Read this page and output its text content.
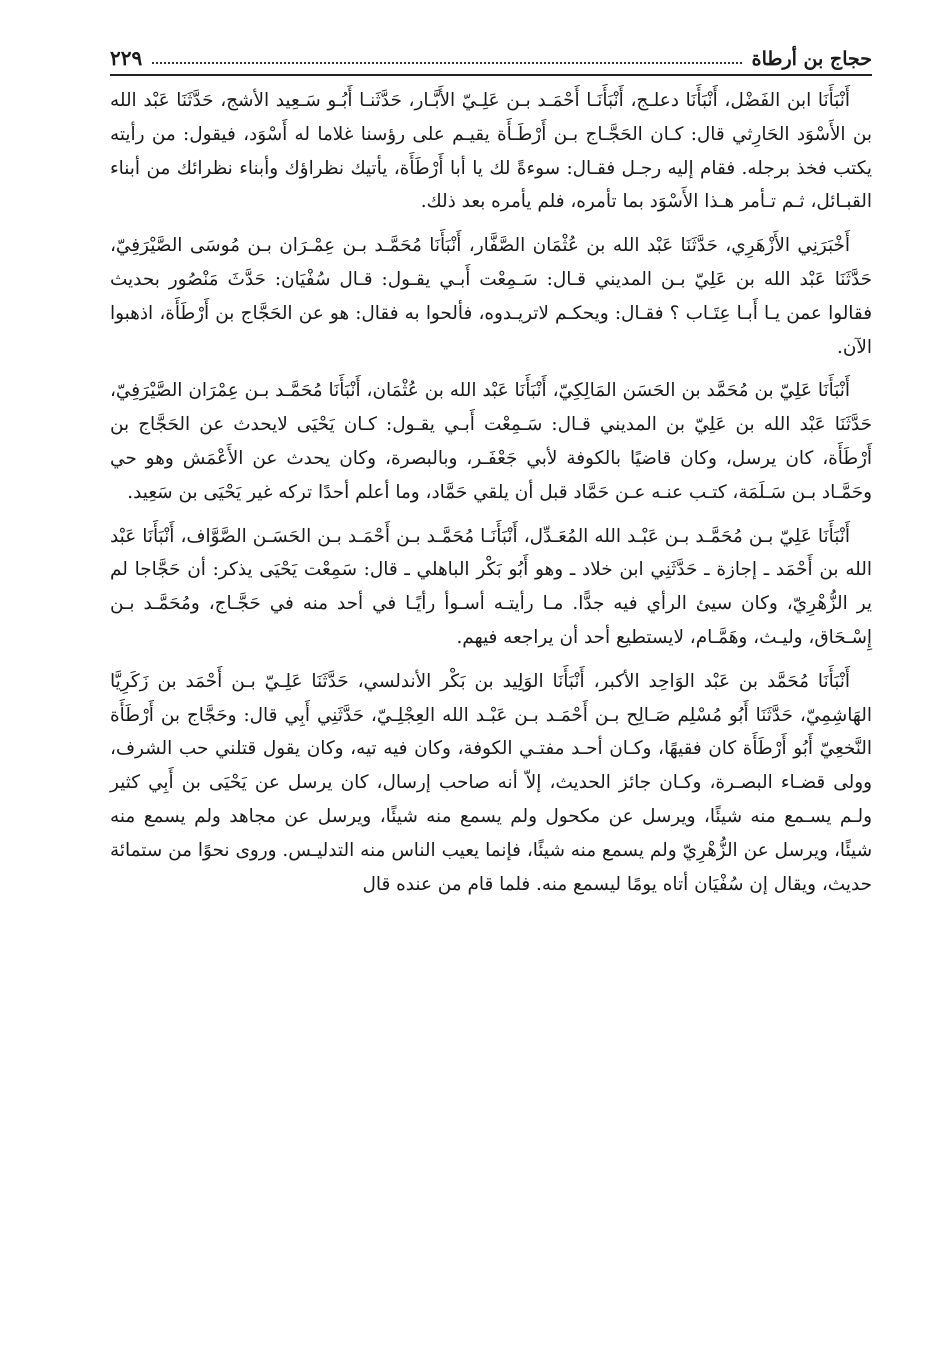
حجاج بن أرطاة
٢٢٩

أَنْبَأَنَا ابن الفَضْل، أَنْبَأَنَا دعلـج، أَنْبَأَنَـا أَحْمَـد بـن عَلِـيّ الأَبَّـار، حَدَّثَنـا أَبُـو سَـعِيد الأشج، حَدَّثَنَا عَبْد الله بن الأَسْوَد الحَارِثي قال: كـان الحَجَّـاج بـن أَرْطَـأَة يقيـم على رؤسنا غلاما له أَسْوَد، فيقول: من رأيته يكتب فخذ برجله. فقام إليه رجـل فقـال: سوءةً لك يا أبا أَرْطَأَة، يأتيك نظراؤك وأبناء نظرائك من أبناء القبـائل، ثـم تـأمر هـذا الأَسْوَد بما تأمره، فلم يأمره بعد ذلك.

أَخْبَرَنِي الأَزْهَرِي، حَدَّثَنَا عَبْد الله بن عُثْمَان الصَّفَّار، أَنْبَأَنَا مُحَمَّـد بـن عِمْـرَان بـن مُوسَى الصَّيْرَفِيّ، حَدَّثَنَا عَبْد الله بن عَلِيّ بـن المديني قـال: سَـمِعْت أَبـي يقـول: قـال سُفْيَان: حَدَّثَ مَنْصُور بحديث فقالوا عمن يـا أَبـا عِتَـاب ؟ فقـال: ويحكـم لاتريـدوه، فألحوا به فقال: هو عن الحَجَّاج بن أَرْطَأَة، اذهبوا الآن.

أَنْبَأَنَا عَلِيّ بن مُحَمَّد بن الحَسَن المَالِكِيّ، أَنْبَأَنَا عَبْد الله بن عُثْمَان، أَنْبَأَنَا مُحَمَّـد بـن عِمْرَان الصَّيْرَفِيّ، حَدَّثَنَا عَبْد الله بن عَلِيّ بن المديني قـال: سَـمِعْت أَبـي يقـول: كـان يَحْيَى لايحدث عن الحَجَّاج بن أَرْطَأَة، كان يرسل، وكان قاضيًا بالكوفة لأبي جَعْفَـر، وبالبصرة، وكان يحدث عن الأَعْمَش وهو حي وحَمَّـاد بـن سَـلَمَة، كتـب عنـه عـن حَمَّاد قبل أن يلقي حَمَّاد، وما أعلم أحدًا تركه غير يَحْيَى بن سَعِيد.

أَنْبَأَنَا عَلِيّ بـن مُحَمَّـد بـن عَبْـد الله المُعَـدِّل، أَنْبَأَنَـا مُحَمَّـد بـن أَحْمَـد بـن الحَسَـن الصَّوَّاف، أَنْبَأَنَا عَبْد الله بن أَحْمَد ـ إجازة ـ حَدَّثَنِي ابن خلاد ـ وهو أَبُو بَكْر الباهلي ـ قال: سَمِعْت يَحْيَى يذكر: أن حَجَّاجا لم ير الزُّهْرِيّ، وكان سيئ الرأي فيه جدًّا. مـا رأيتـه أسـوأ رأيًـا في أحد منه في حَجَّـاج، ومُحَمَّـد بـن إِسْـحَاق، وليـث، وهَمَّـام، لايستطيع أحد أن يراجعه فيهم.

أَنْبَأَنَا مُحَمَّد بن عَبْد الوَاحِد الأكبر، أَنْبَأَنَا الوَلِيد بن بَكْر الأندلسي، حَدَّثَنَا عَلِـيّ بـن أَحْمَد بن زَكَرِيَّا الهَاشِمِيّ، حَدَّثَنَا أَبُو مُسْلِم صَـالِح بـن أَحْمَـد بـن عَبْـد الله العِجْلِـيّ، حَدَّثَنِي أَبِي قال: وحَجَّاج بن أَرْطَأَة النَّخعِيّ أَبُو أَرْطَأَة كان فقيهًا، وكـان أحـد مفتـي الكوفة، وكان فيه تيه، وكان يقول قتلني حب الشرف، وولى قضـاء البصـرة، وكـان جائز الحديث، إلاّ أنه صاحب إرسال، كان يرسل عن يَحْيَى بن أَبِي كثير ولـم يسـمع منه شيئًا، ويرسل عن مكحول ولم يسمع منه شيئًا، ويرسل عن مجاهد ولم يسمع منه شيئًا، ويرسل عن الزُّهْرِيّ ولم يسمع منه شيئًا، فإنما يعيب الناس منه التدليـس. وروى نحوًا من ستمائة حديث، ويقال إن سُفْيَان أتاه يومًا ليسمع منه. فلما قام من عنده قال
